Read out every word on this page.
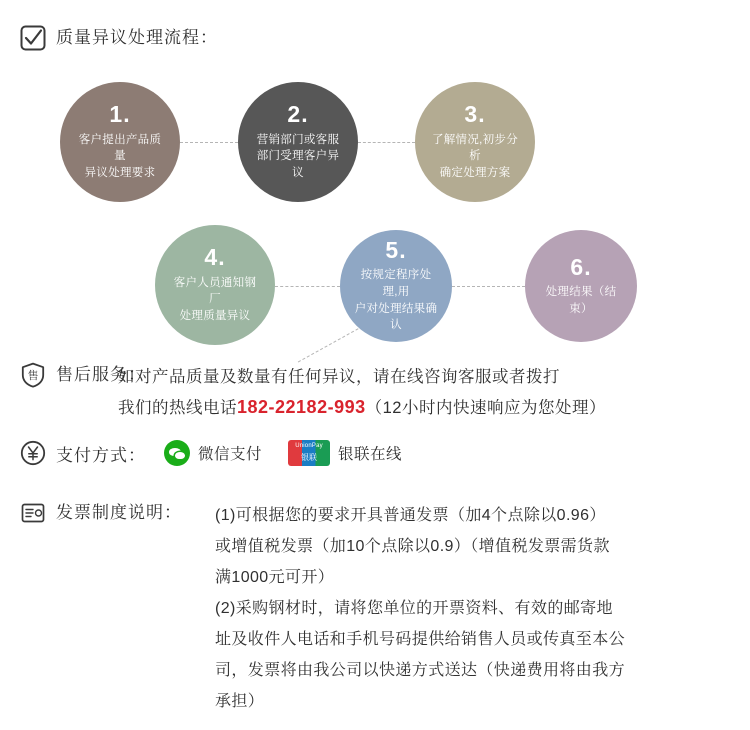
质量异议处理流程：
1.
客户提出产品质量
异议处理要求
2.
营销部门或客服
部门受理客户异议
3.
了解情况,初步分析
确定处理方案
4.
客户人员通知钢厂
处理质量异议
5.
按规定程序处理,用
户对处理结果确认
6.
处理结果（结束）
售 售后服务：
如对产品质量及数量有任何异议，请在线咨询客服或者拨打
我们的热线电话182-22182-993（12小时内快速响应为您处理）
支付方式：	微信支付	UnionPay
银联	银联在线
发票制度说明： (1)可根据您的要求开具普通发票（加4个点除以0.96）
或增值税发票（加10个点除以0.9）（增值税发票需货款
满1000元可开）
(2)采购钢材时，请将您单位的开票资料、有效的邮寄地
址及收件人电话和手机号码提供给销售人员或传真至本公
司，发票将由我公司以快递方式送达（快递费用将由我方
承担）
